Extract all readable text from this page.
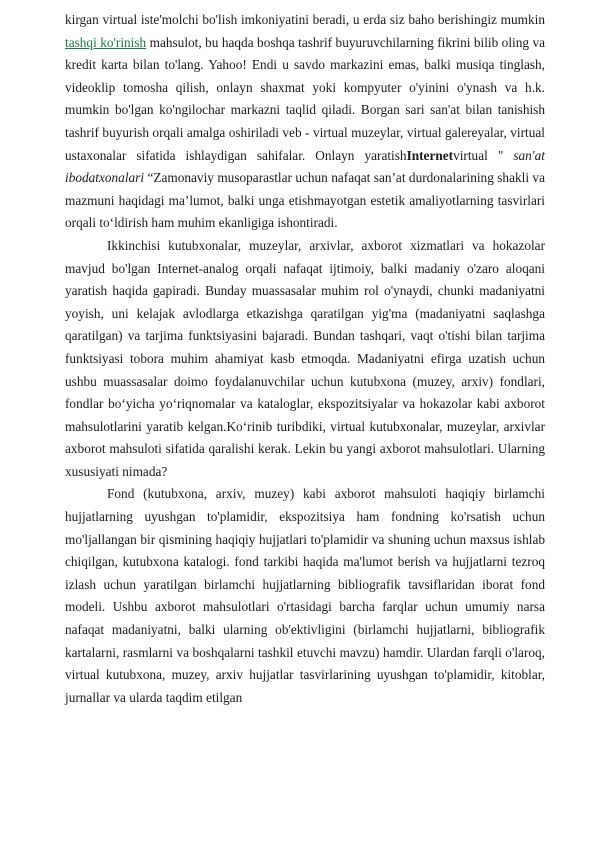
kirgan virtual iste'molchi bo'lish imkoniyatini beradi, u erda siz baho berishingiz mumkin tashqi ko'rinish mahsulot, bu haqda boshqa tashrif buyuruvchilarning fikrini bilib oling va kredit karta bilan to'lang. Yahoo! Endi u savdo markazini emas, balki musiqa tinglash, videoklip tomosha qilish, onlayn shaxmat yoki kompyuter o'yinini o'ynash va h.k. mumkin bo'lgan ko'ngilochar markazni taqlid qiladi. Borgan sari san'at bilan tanishish tashrif buyurish orqali amalga oshiriladi veb - virtual muzeylar, virtual galereyalar, virtual ustaxonalar sifatida ishlaydigan sahifalar. Onlayn yaratishInternetvirtual " san'at ibodatxonalari “Zamonaviy musoparastlar uchun nafaqat sanʼat durdonalarining shakli va mazmuni haqidagi maʼlumot, balki unga etishmayotgan estetik amaliyotlarning tasvirlari orqali toʻldirish ham muhim ekanligiga ishontiradi.

Ikkinchisi kutubxonalar, muzeylar, arxivlar, axborot xizmatlari va hokazolar mavjud bo'lgan Internet-analog orqali nafaqat ijtimoiy, balki madaniy o'zaro aloqani yaratish haqida gapiradi. Bunday muassasalar muhim rol o'ynaydi, chunki madaniyatni yoyish, uni kelajak avlodlarga etkazishga qaratilgan yig'ma (madaniyatni saqlashga qaratilgan) va tarjima funktsiyasini bajaradi. Bundan tashqari, vaqt o'tishi bilan tarjima funktsiyasi tobora muhim ahamiyat kasb etmoqda. Madaniyatni efirga uzatish uchun ushbu muassasalar doimo foydalanuvchilar uchun kutubxona (muzey, arxiv) fondlari, fondlar boʻyicha yoʻriqnomalar va kataloglar, ekspozitsiyalar va hokazolar kabi axborot mahsulotlarini yaratib kelgan.Koʻrinib turibdiki, virtual kutubxonalar, muzeylar, arxivlar axborot mahsuloti sifatida qaralishi kerak. Lekin bu yangi axborot mahsulotlari. Ularning xususiyati nimada?

Fond (kutubxona, arxiv, muzey) kabi axborot mahsuloti haqiqiy birlamchi hujjatlarning uyushgan to'plamidir, ekspozitsiya ham fondning ko'rsatish uchun mo'ljallangan bir qismining haqiqiy hujjatlari to'plamidir va shuning uchun maxsus ishlab chiqilgan, kutubxona katalogi. fond tarkibi haqida ma'lumot berish va hujjatlarni tezroq izlash uchun yaratilgan birlamchi hujjatlarning bibliografik tavsiflaridan iborat fond modeli. Ushbu axborot mahsulotlari o'rtasidagi barcha farqlar uchun umumiy narsa nafaqat madaniyatni, balki ularning ob'ektivligini (birlamchi hujjatlarni, bibliografik kartalarni, rasmlarni va boshqalarni tashkil etuvchi mavzu) hamdir. Ulardan farqli o'laroq, virtual kutubxona, muzey, arxiv hujjatlar tasvirlarining uyushgan to'plamidir, kitoblar, jurnallar va ularda taqdim etilgan
